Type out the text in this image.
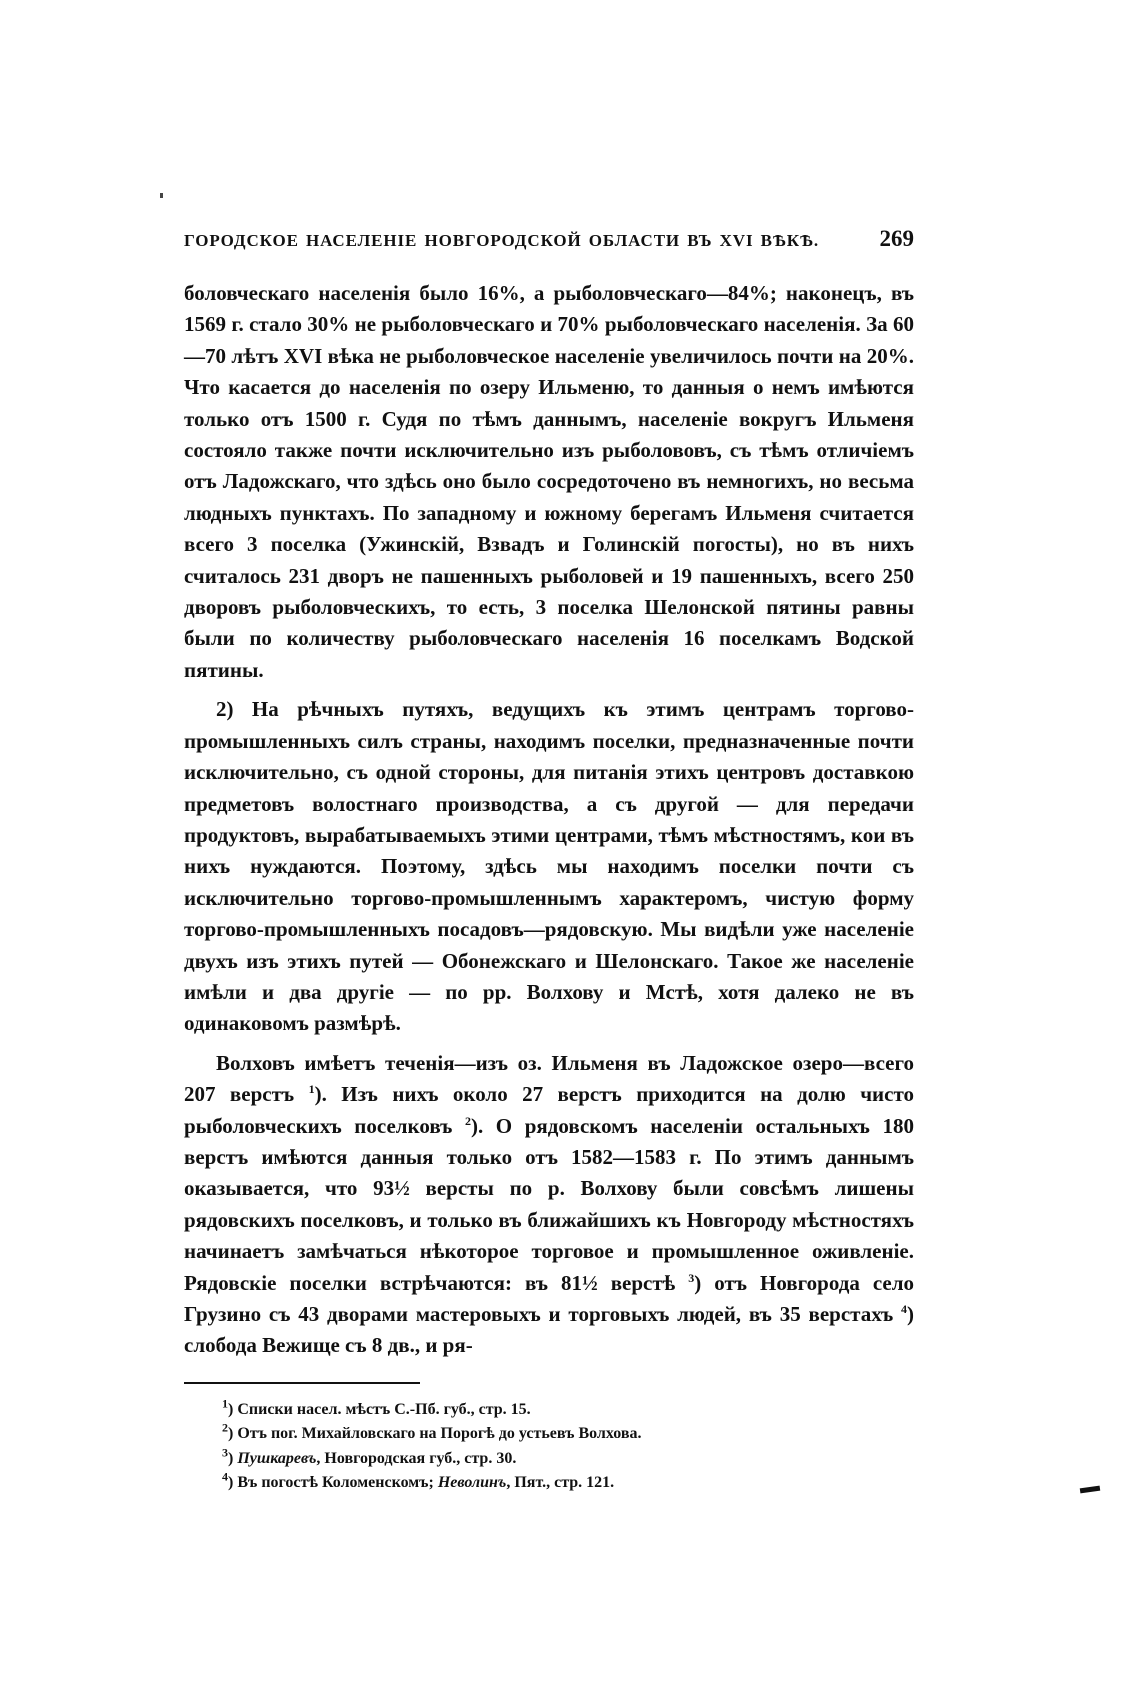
ГОРОДСКОЕ НАСЕЛЕНІЕ НОВГОРОДСКОЙ ОБЛАСТИ ВЪ XVI ВѢКѢ.	269

боловческаго населенія было 16%, а рыболовческаго—84%; наконецъ, въ 1569 г. стало 30% не рыболовческаго и 70% рыболовческаго населенія. За 60—70 лѣтъ XVI вѣка не рыболовческое населеніе увеличилось почти на 20%. Что касается до населенія по озеру Ильменю, то данныя о немъ имѣются только отъ 1500 г. Судя по тѣмъ даннымъ, населеніе вокругъ Ильменя состояло также почти исключительно изъ рыболововъ, съ тѣмъ отличіемъ отъ Ладожскаго, что здѣсь оно было сосредоточено въ немногихъ, но весьма людныхъ пунктахъ. По западному и южному берегамъ Ильменя считается всего 3 поселка (Ужинскій, Взвадъ и Голинскій погосты), но въ нихъ считалось 231 дворъ не пашенныхъ рыболовей и 19 пашенныхъ, всего 250 дворовъ рыболовческихъ, то есть, 3 поселка Шелонской пятины равны были по количеству рыболовческаго населенія 16 поселкамъ Водской пятины.

2) На рѣчныхъ путяхъ, ведущихъ къ этимъ центрамъ торгово-промышленныхъ силъ страны, находимъ поселки, предназначенные почти исключительно, съ одной стороны, для питанія этихъ центровъ доставкою предметовъ волостнаго производства, а съ другой — для передачи продуктовъ, вырабатываемыхъ этими центрами, тѣмъ мѣстностямъ, кои въ нихъ нуждаются. Поэтому, здѣсь мы находимъ поселки почти съ исключительно торгово-промышленнымъ характеромъ, чистую форму торгово-промышленныхъ посадовъ—рядовскую. Мы видѣли уже населеніе двухъ изъ этихъ путей — Обонежскаго и Шелонскаго. Такое же населеніе имѣли и два другіе — по рр. Волхову и Мстѣ, хотя далеко не въ одинаковомъ размѣрѣ.

Волховъ имѣетъ теченія—изъ оз. Ильменя въ Ладожское озеро—всего 207 верстъ $^1$). Изъ нихъ около 27 верстъ приходится на долю чисто рыболовческихъ поселковъ $^2$). О рядовскомъ населеніи остальныхъ 180 верстъ имѣются данныя только отъ 1582—1583 г. По этимъ даннымъ оказывается, что 93½ версты по р. Волхову были совсѣмъ лишены рядовскихъ поселковъ, и только въ ближайшихъ къ Новгороду мѣстностяхъ начинаетъ замѣчаться нѣкоторое торговое и промышленное оживленіе. Рядовскіе поселки встрѣчаются: въ 81½ верстѣ $^3$) отъ Новгорода село Грузино съ 43 дворами мастеровыхъ и торговыхъ людей, въ 35 верстахъ $^4$) слобода Вежище съ 8 дв., и ря-

$^1$) Списки насел. мѣстъ С.-Пб. губ., стр. 15.

$^2$) Отъ пог. Михайловскаго на Порогѣ до устьевъ Волхова.

$^3$) Пушкаревъ, Новгородская губ., стр. 30.

$^4$) Въ погостѣ Коломенскомъ; Неволинъ, Пят., стр. 121.
